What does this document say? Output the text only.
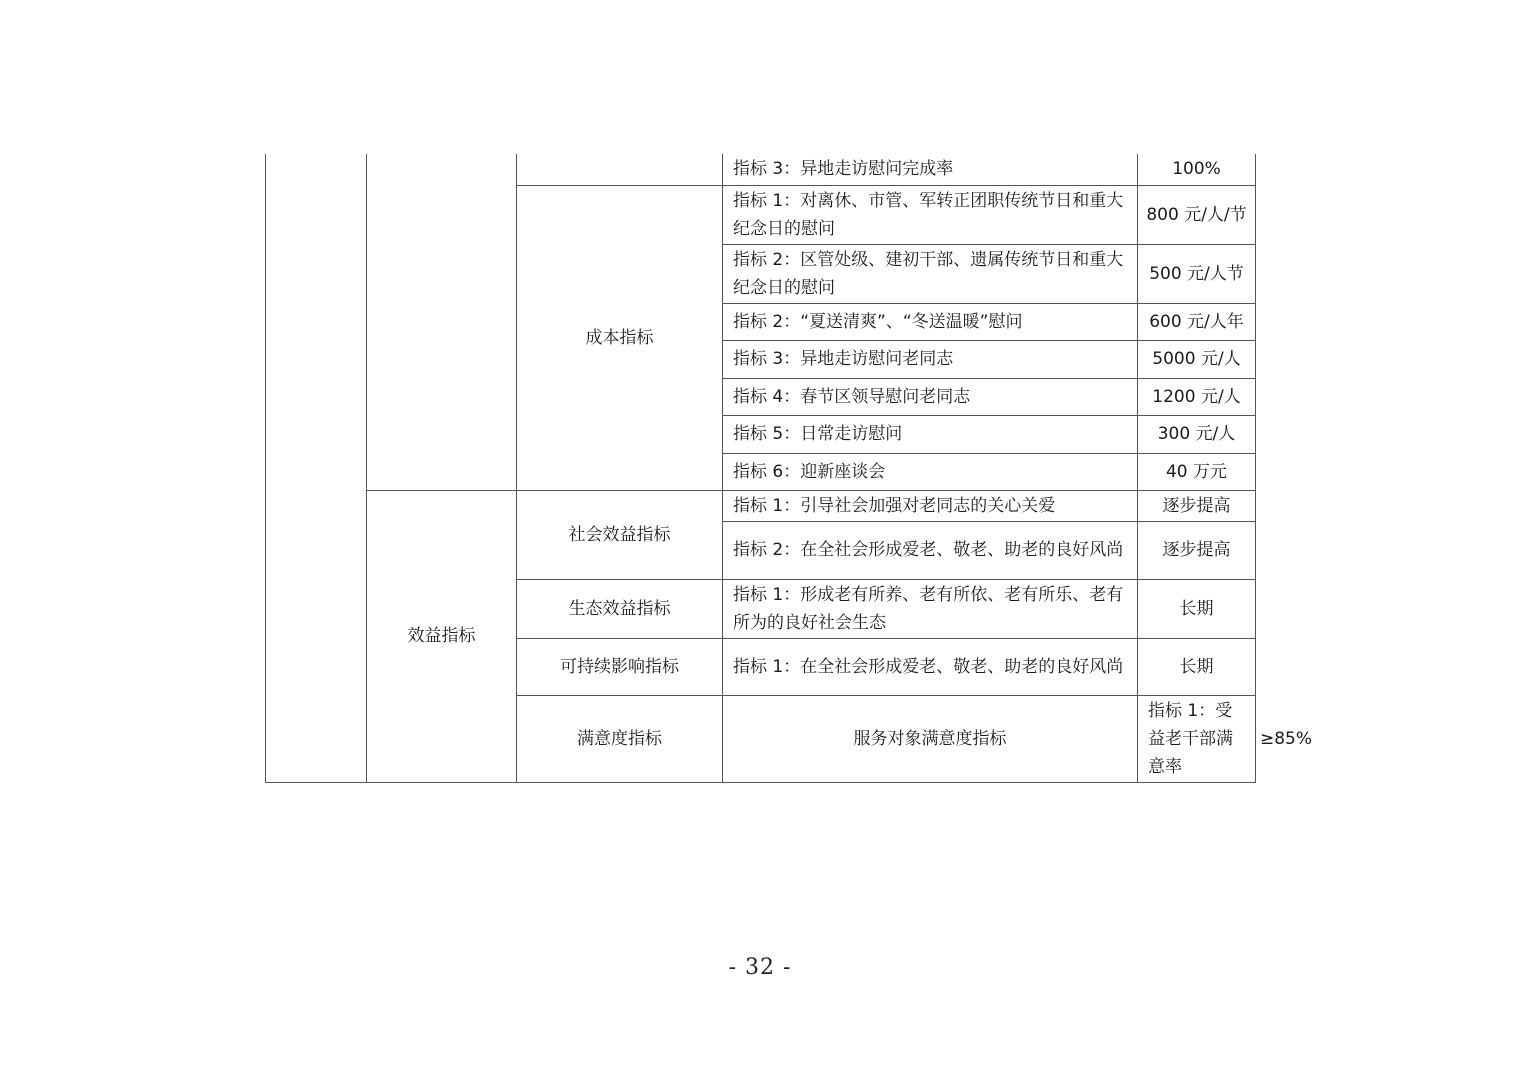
			指标 3：异地走访慰问完成率	100%	
		成本指标	指标 1：对离休、市管、军转正团职传统节日和重大纪念日的慰问	800 元/人/节	
			指标 2：区管处级、建初干部、遗属传统节日和重大纪念日的慰问	500 元/人节	
			指标 2：“夏送清爽”、“冬送温暖”慰问	600 元/人年	
			指标 3：异地走访慰问老同志	5000 元/人	
			指标 4：春节区领导慰问老同志	1200 元/人	
			指标 5：日常走访慰问	300 元/人	
			指标 6：迎新座谈会	40 万元	
	效益指标	社会效益指标	指标 1：引导社会加强对老同志的关心关爱	逐步提高	
			指标 2：在全社会形成爱老、敬老、助老的良好风尚	逐步提高	
		生态效益指标	指标 1：形成老有所养、老有所依、老有所乐、老有所为的良好社会生态	长期	
		可持续影响指标	指标 1：在全社会形成爱老、敬老、助老的良好风尚	长期	
		满意度指标	服务对象满意度指标	指标 1：受益老干部满意率	≥85%
- 32 -
